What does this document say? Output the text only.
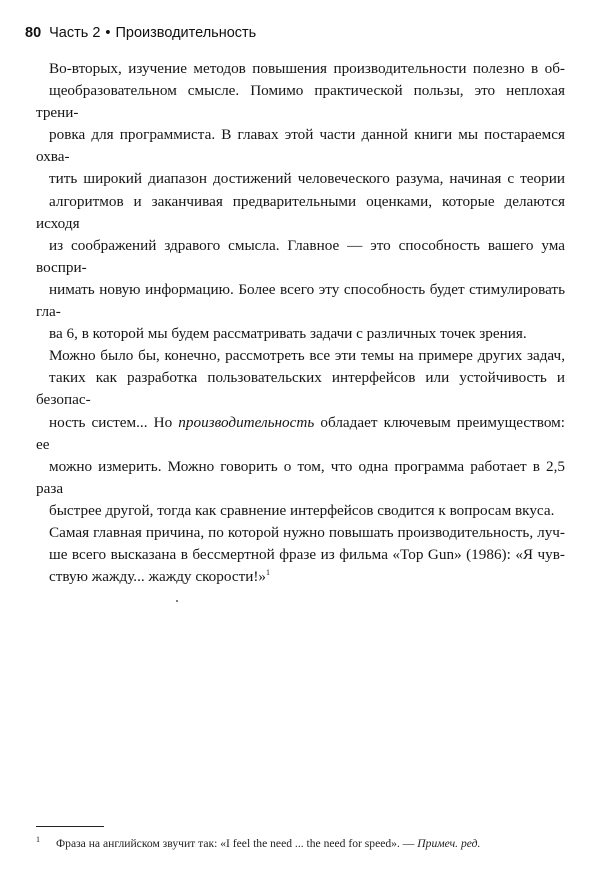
80 Часть 2 • Производительность

Во-вторых, изучение методов повышения производительности полезно в об-
щеобразовательном смысле. Помимо практической пользы, это неплохая трени-
ровка для программиста. В главах этой части данной книги мы постараемся охва-
тить широкий диапазон достижений человеческого разума, начиная с теории
алгоритмов и заканчивая предварительными оценками, которые делаются исходя
из соображений здравого смысла. Главное — это способность вашего ума воспри-
нимать новую информацию. Более всего эту способность будет стимулировать гла-
ва 6, в которой мы будем рассматривать задачи с различных точек зрения.

Можно было бы, конечно, рассмотреть все эти темы на примере других задач,
таких как разработка пользовательских интерфейсов или устойчивость и безопас-
ность систем... Но производительность обладает ключевым преимуществом: ее
можно измерить. Можно говорить о том, что одна программа работает в 2,5 раза
быстрее другой, тогда как сравнение интерфейсов сводится к вопросам вкуса.

Самая главная причина, по которой нужно повышать производительность, луч-
ше всего высказана в бессмертной фразе из фильма «Top Gun» (1986): «Я чув-
ствую жажду... жажду скорости!»$^1$

$^1$ Фраза на английском звучит так: «I feel the need ... the need for speed». — Примеч. ред.
